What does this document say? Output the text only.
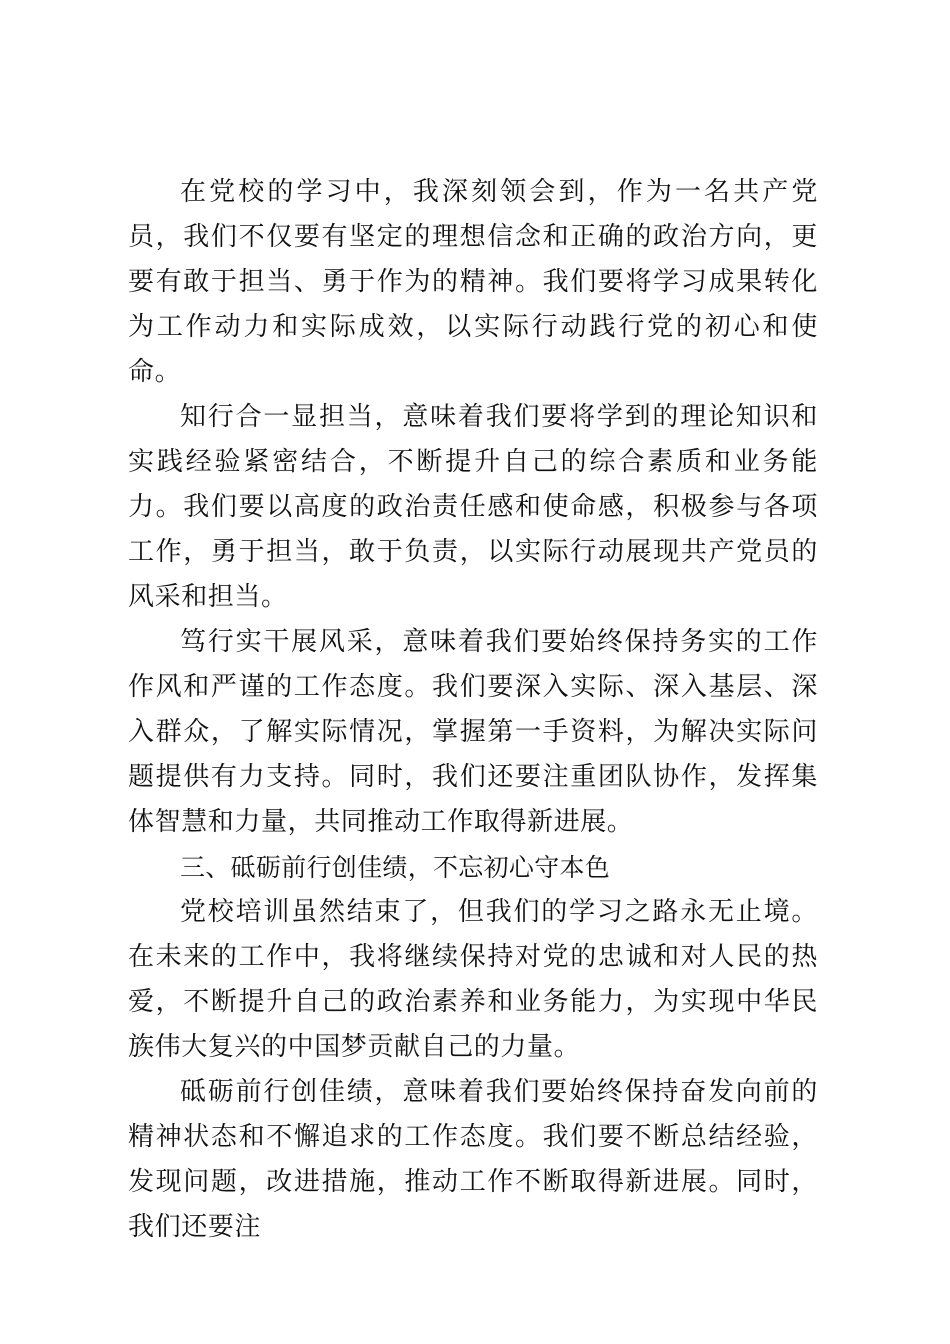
在党校的学习中，我深刻领会到，作为一名共产党员，我们不仅要有坚定的理想信念和正确的政治方向，更要有敢于担当、勇于作为的精神。我们要将学习成果转化为工作动力和实际成效，以实际行动践行党的初心和使命。

知行合一显担当，意味着我们要将学到的理论知识和实践经验紧密结合，不断提升自己的综合素质和业务能力。我们要以高度的政治责任感和使命感，积极参与各项工作，勇于担当，敢于负责，以实际行动展现共产党员的风采和担当。

笃行实干展风采，意味着我们要始终保持务实的工作作风和严谨的工作态度。我们要深入实际、深入基层、深入群众，了解实际情况，掌握第一手资料，为解决实际问题提供有力支持。同时，我们还要注重团队协作，发挥集体智慧和力量，共同推动工作取得新进展。

三、砥砺前行创佳绩，不忘初心守本色

党校培训虽然结束了，但我们的学习之路永无止境。在未来的工作中，我将继续保持对党的忠诚和对人民的热爱，不断提升自己的政治素养和业务能力，为实现中华民族伟大复兴的中国梦贡献自己的力量。

砥砺前行创佳绩，意味着我们要始终保持奋发向前的精神状态和不懈追求的工作态度。我们要不断总结经验，发现问题，改进措施，推动工作不断取得新进展。同时，我们还要注
